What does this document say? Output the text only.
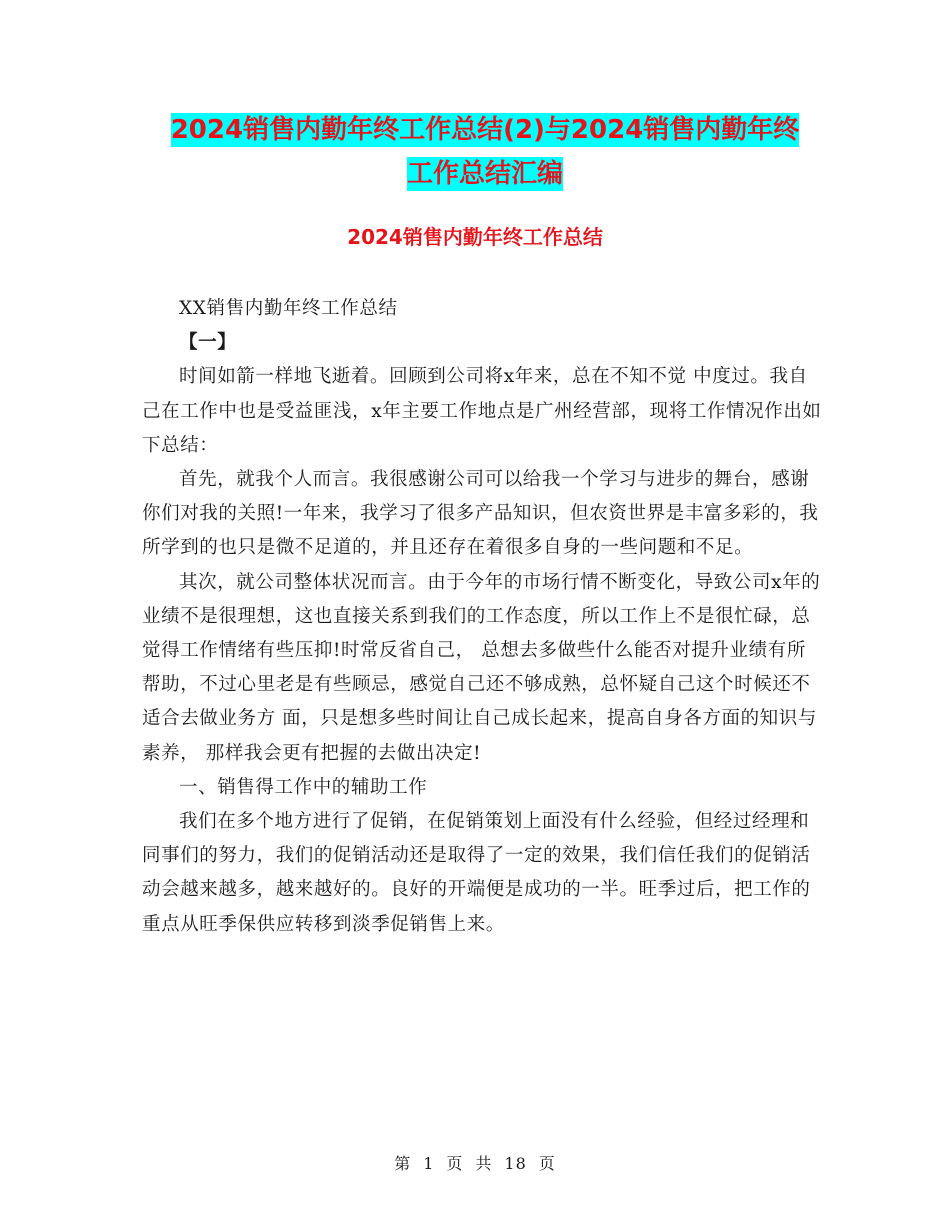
2024销售内勤年终工作总结(2)与2024销售内勤年终
工作总结汇编
2024销售内勤年终工作总结

XX销售内勤年终工作总结

【一】

时间如箭一样地飞逝着。回顾到公司将x年来，总在不知不觉 中度过。我自己在工作中也是受益匪浅，x年主要工作地点是广州经营部，现将工作情况作出如下总结：

首先，就我个人而言。我很感谢公司可以给我一个学习与进步的舞台，感谢你们对我的关照!一年来，我学习了很多产品知识，但农资世界是丰富多彩的，我所学到的也只是微不足道的，并且还存在着很多自身的一些问题和不足。

其次，就公司整体状况而言。由于今年的市场行情不断变化，导致公司x年的业绩不是很理想，这也直接关系到我们的工作态度，所以工作上不是很忙碌，总觉得工作情绪有些压抑!时常反省自己， 总想去多做些什么能否对提升业绩有所帮助，不过心里老是有些顾忌，感觉自己还不够成熟，总怀疑自己这个时候还不适合去做业务方 面，只是想多些时间让自己成长起来，提高自身各方面的知识与素养， 那样我会更有把握的去做出决定!

一、销售得工作中的辅助工作

我们在多个地方进行了促销，在促销策划上面没有什么经验，但经过经理和同事们的努力，我们的促销活动还是取得了一定的效果，我们信任我们的促销活动会越来越多，越来越好的。良好的开端便是成功的一半。旺季过后，把工作的重点从旺季保供应转移到淡季促销售上来。

第 1 页 共 18 页
